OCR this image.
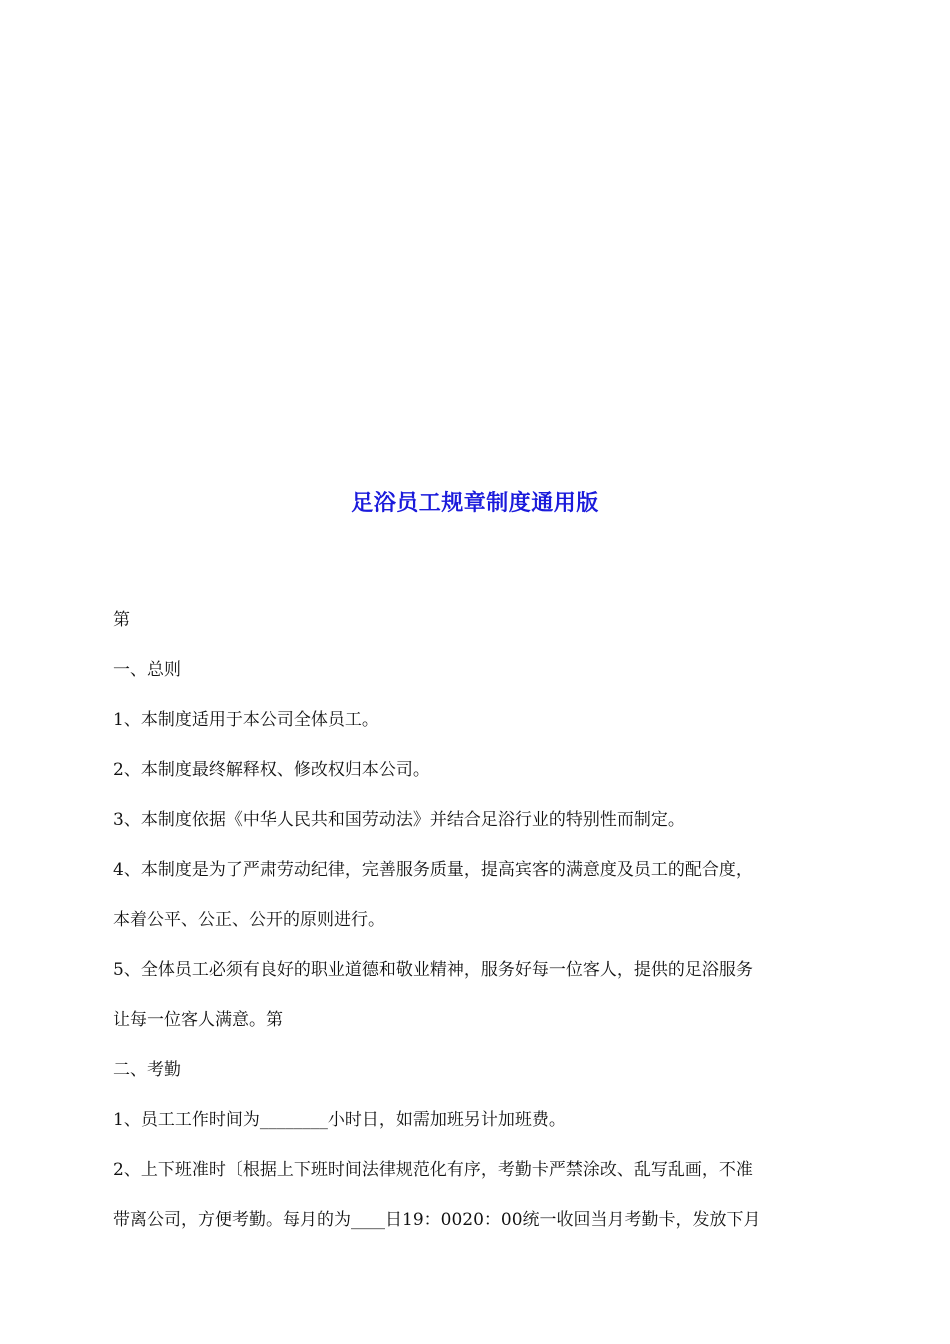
足浴员工规章制度通用版
第
一、总则
1、本制度适用于本公司全体员工。
2、本制度最终解释权、修改权归本公司。
3、本制度依据《中华人民共和国劳动法》并结合足浴行业的特别性而制定。
4、本制度是为了严肃劳动纪律，完善服务质量，提高宾客的满意度及员工的配合度，
本着公平、公正、公开的原则进行。
5、全体员工必须有良好的职业道德和敬业精神，服务好每一位客人，提供的足浴服务
让每一位客人满意。第
二、考勤
1、员工工作时间为________小时日，如需加班另计加班费。
2、上下班准时〔根据上下班时间法律规范化有序，考勤卡严禁涂改、乱写乱画，不准
带离公司，方便考勤。每月的为____日19：0020：00统一收回当月考勤卡，发放下月
